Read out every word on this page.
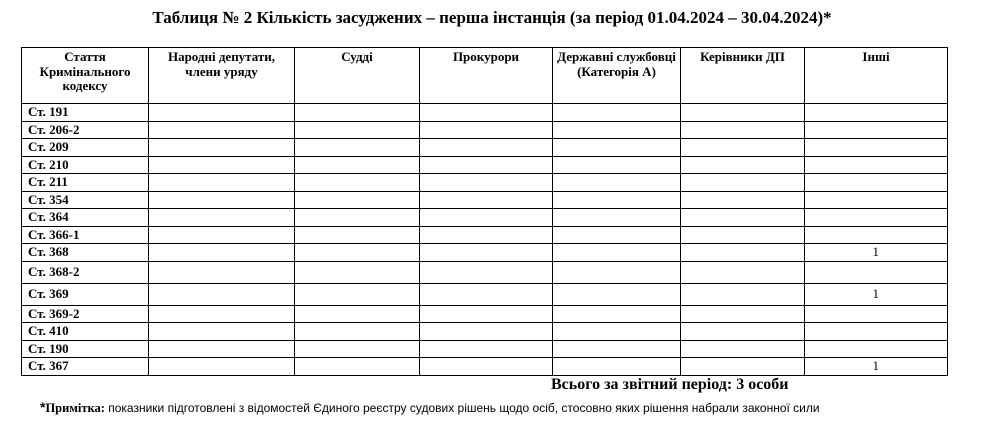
Таблиця № 2 Кількість засуджених – перша інстанція (за період 01.04.2024 – 30.04.2024)*
Стаття Кримінального кодексу	Народні депутати, члени уряду	Судді	Прокурори	Державні службовці (Категорія А)	Керівники ДП	Інші
Ст. 191						
Ст. 206-2						
Ст. 209						
Ст. 210						
Ст. 211						
Ст. 354						
Ст. 364						
Ст. 366-1						
Ст. 368						1
Ст. 368-2						
Ст. 369						1
Ст. 369-2						
Ст. 410						
Ст. 190						
Ст. 367						1
Всього за звітний період: 3 особи
*Примітка: показники підготовлені з відомостей Єдиного реєстру судових рішень щодо осіб, стосовно яких рішення набрали законної сили
